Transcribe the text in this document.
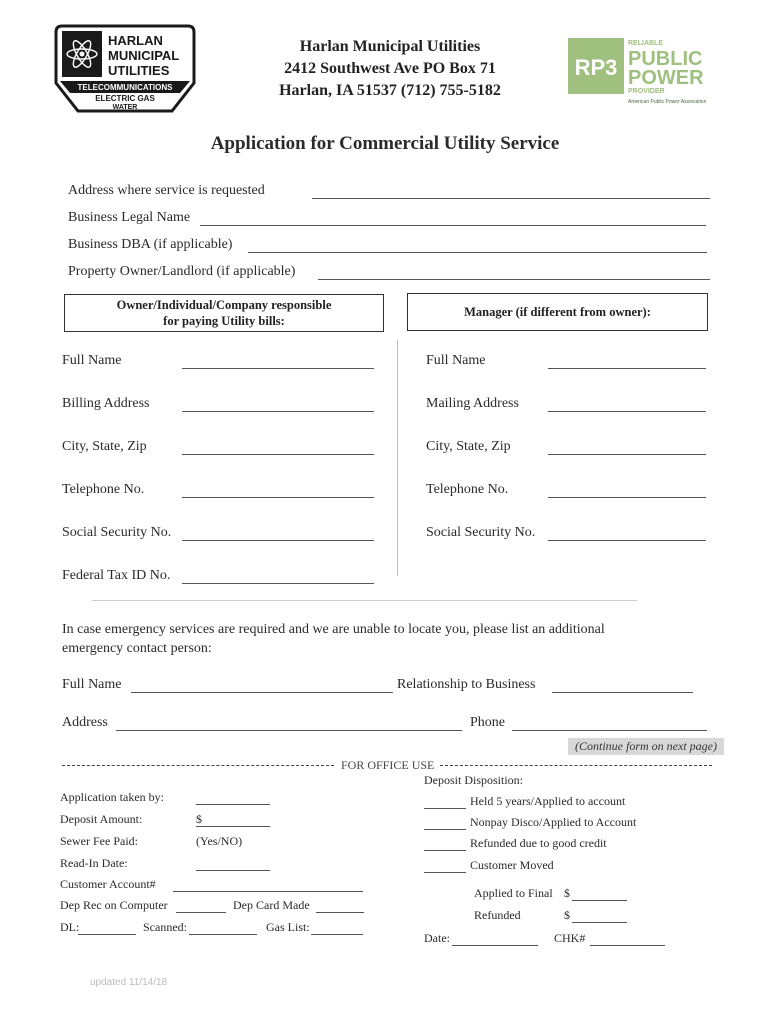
HARLAN
MUNICIPAL
UTILITIES
TELECOMMUNICATIONS
ELECTRIC GAS
WATER
Harlan Municipal Utilities
2412 Southwest Ave PO Box 71
Harlan, IA 51537 (712) 755-5182
RP3
RELIABLE
PUBLIC
POWER
PROVIDER
American Public Power Association
Application for Commercial Utility Service
Address where service is requested
Business Legal Name
Business DBA (if applicable)
Property Owner/Landlord (if applicable)
Owner/Individual/Company responsible
for paying Utility bills:
Manager (if different from owner):
Full Name
Billing Address
City, State, Zip
Telephone No.
Social Security No.
Federal Tax ID No.
Full Name
Mailing Address
City, State, Zip
Telephone No.
Social Security No.
In case emergency services are required and we are unable to locate you, please list an additional
emergency contact person:
Full Name	Relationship to Business
Address	Phone
(Continue form on next page)
FOR OFFICE USE
Application taken by:
Deposit Amount:	$
Sewer Fee Paid:	(Yes/NO)
Read-In Date:
Customer Account#
Dep Rec on Computer	Dep Card Made
DL:	Scanned:	Gas List:
Deposit Disposition:
Held 5 years/Applied to account
Nonpay Disco/Applied to Account
Refunded due to good credit
Customer Moved
Applied to Final $
Refunded	$
Date:	CHK#
updated 11/14/18
